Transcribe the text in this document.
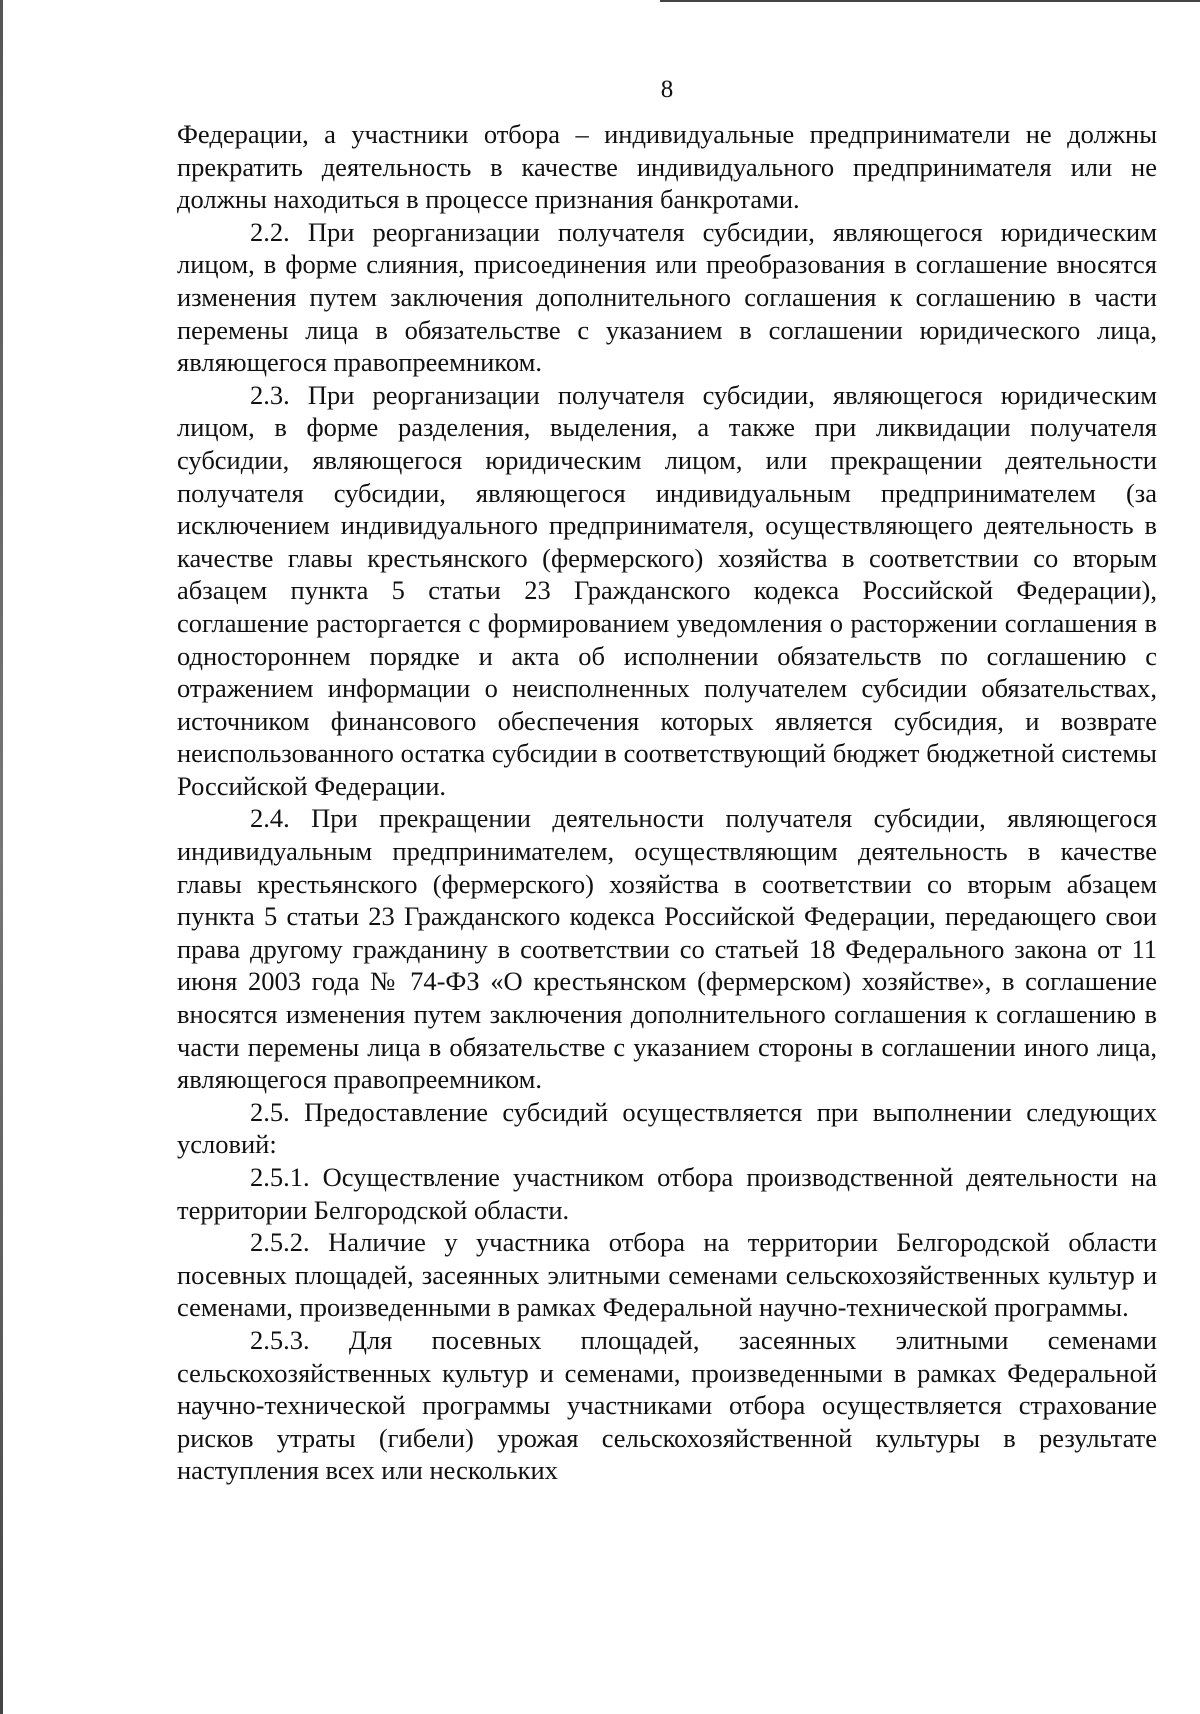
8

Федерации, а участники отбора – индивидуальные предприниматели не должны прекратить деятельность в качестве индивидуального предпринимателя или не должны находиться в процессе признания банкротами.

2.2. При реорганизации получателя субсидии, являющегося юридическим лицом, в форме слияния, присоединения или преобразования в соглашение вносятся изменения путем заключения дополнительного соглашения к соглашению в части перемены лица в обязательстве с указанием в соглашении юридического лица, являющегося правопреемником.

2.3. При реорганизации получателя субсидии, являющегося юридическим лицом, в форме разделения, выделения, а также при ликвидации получателя субсидии, являющегося юридическим лицом, или прекращении деятельности получателя субсидии, являющегося индивидуальным предпринимателем (за исключением индивидуального предпринимателя, осуществляющего деятельность в качестве главы крестьянского (фермерского) хозяйства в соответствии со вторым абзацем пункта 5 статьи 23 Гражданского кодекса Российской Федерации), соглашение расторгается с формированием уведомления о расторжении соглашения в одностороннем порядке и акта об исполнении обязательств по соглашению с отражением информации о неисполненных получателем субсидии обязательствах, источником финансового обеспечения которых является субсидия, и возврате неиспользованного остатка субсидии в соответствующий бюджет бюджетной системы Российской Федерации.

2.4. При прекращении деятельности получателя субсидии, являющегося индивидуальным предпринимателем, осуществляющим деятельность в качестве главы крестьянского (фермерского) хозяйства в соответствии со вторым абзацем пункта 5 статьи 23 Гражданского кодекса Российской Федерации, передающего свои права другому гражданину в соответствии со статьей 18 Федерального закона от 11 июня 2003 года № 74-ФЗ «О крестьянском (фермерском) хозяйстве», в соглашение вносятся изменения путем заключения дополнительного соглашения к соглашению в части перемены лица в обязательстве с указанием стороны в соглашении иного лица, являющегося правопреемником.

2.5. Предоставление субсидий осуществляется при выполнении следующих условий:

2.5.1. Осуществление участником отбора производственной деятельности на территории Белгородской области.

2.5.2. Наличие у участника отбора на территории Белгородской области посевных площадей, засеянных элитными семенами сельскохозяйственных культур и семенами, произведенными в рамках Федеральной научно-технической программы.

2.5.3. Для посевных площадей, засеянных элитными семенами сельскохозяйственных культур и семенами, произведенными в рамках Федеральной научно-технической программы участниками отбора осуществляется страхование рисков утраты (гибели) урожая сельскохозяйственной культуры в результате наступления всех или нескольких
